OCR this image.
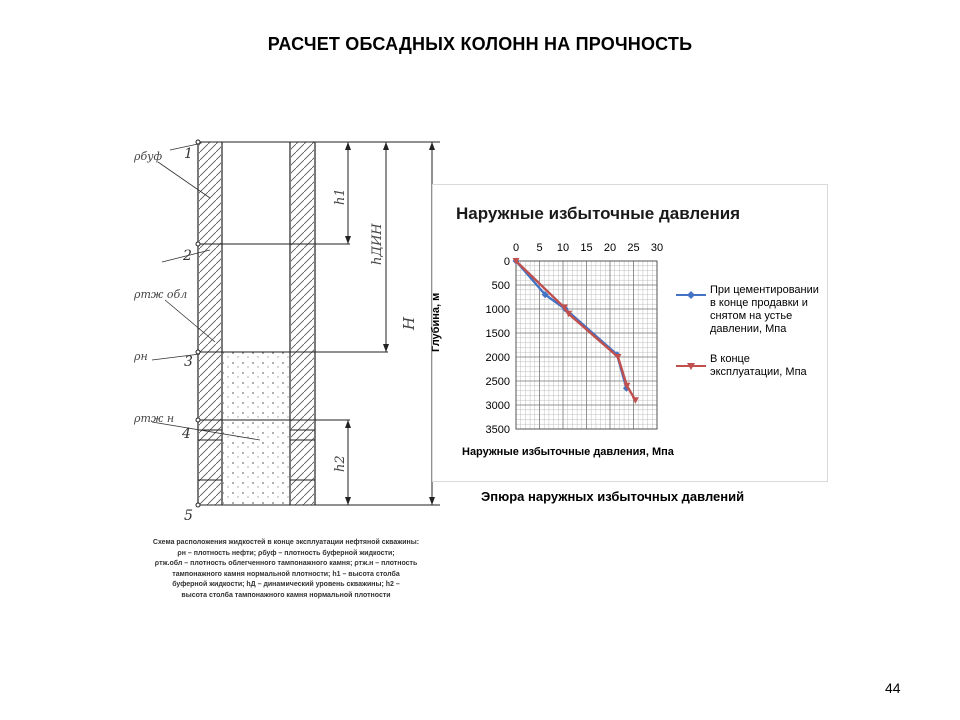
РАСЧЕТ ОБСАДНЫХ КОЛОНН НА ПРОЧНОСТЬ
1
2
3
4
5
ρбуф
ρтж обл
ρн
ρтж н
h1
hДИН
H
h2
Схема расположения жидкостей в конце эксплуатации нефтяной скважины:
ρн – плотность нефти; ρбуф – плотность буферной жидкости;
ρтж.обл – плотность облегченного тампонажного камня; ρтж.н – плотность
тампонажного камня нормальной плотности; h1 – высота столба
буферной жидкости; hД – динамический уровень скважины; h2 –
высота столба тампонажного камня нормальной плотности
Наружные избыточные давления
0 5 10 15 20 25 30
0
500
1000
1500
2000
2500
3000
3500
Глубина, м
Наружные избыточные давления, Мпа
При цементировании в конце продавки и снятом на устье давлении, Мпа
В конце эксплуатации, Мпа
Эпюра наружных избыточных давлений
44
